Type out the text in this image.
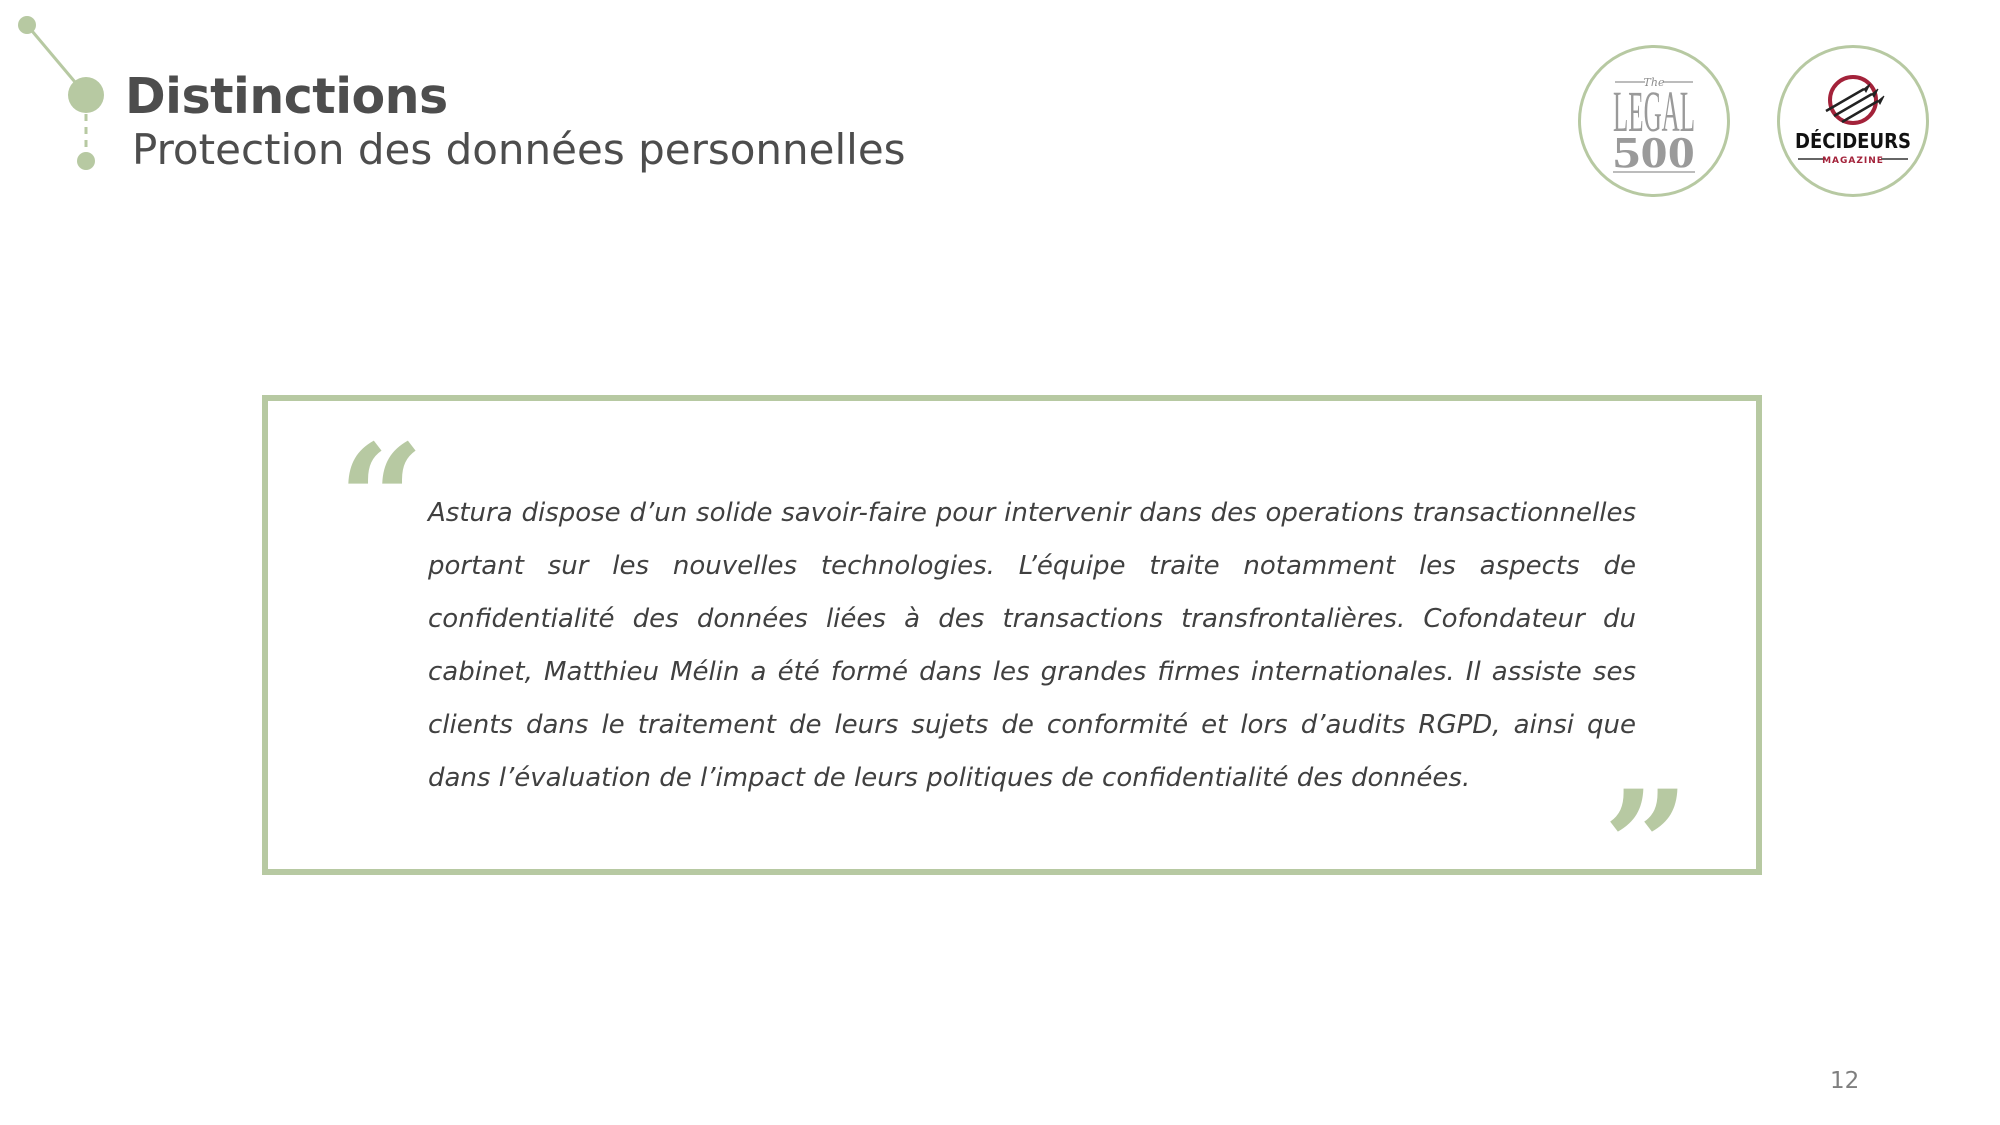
Distinctions
Protection des données personnelles
The
LEGAL
500	DÉCIDEURS
MAGAZINE
“ Astura dispose d’un solide savoir-faire pour intervenir dans des operations transactionnelles portant sur les nouvelles technologies. L’équipe traite notamment les aspects de confidentialité des données liées à des transactions transfrontalières. Cofondateur du cabinet, Matthieu Mélin a été formé dans les grandes firmes internationales. Il assiste ses clients dans le traitement de leurs sujets de conformité et lors d’audits RGPD, ainsi que dans l’évaluation de l’impact de leurs politiques de confidentialité des données. ”
12
